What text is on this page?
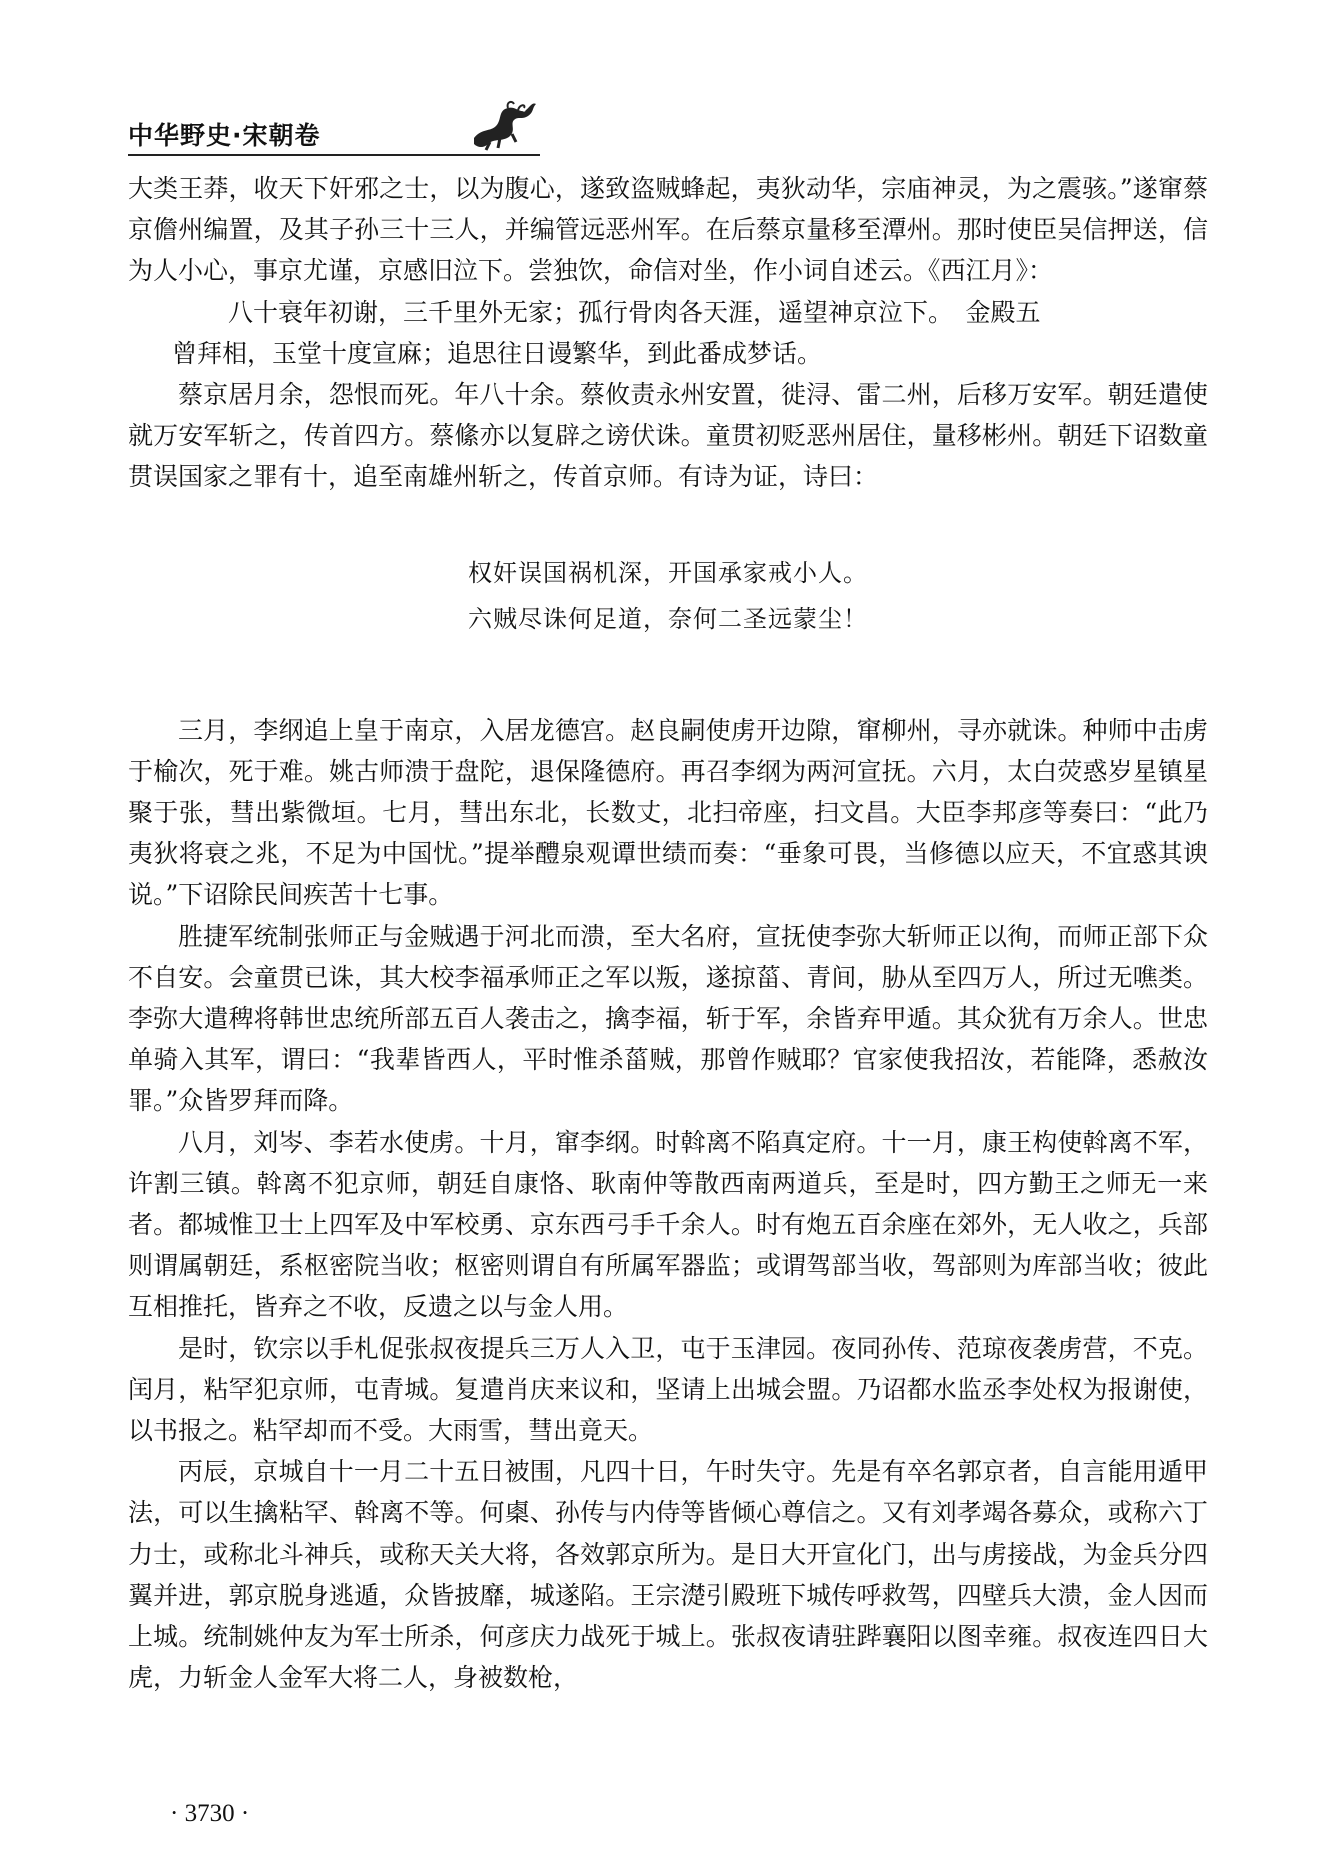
中华野史·宋朝卷

大类王莽，收天下奸邪之士，以为腹心，遂致盗贼蜂起，夷狄动华，宗庙神灵，为之震骇。”遂窜蔡京儋州编置，及其子孙三十三人，并编管远恶州军。在后蔡京量移至潭州。那时使臣吴信押送，信为人小心，事京尤谨，京感旧泣下。尝独饮，命信对坐，作小词自述云。《西江月》：

八十衰年初谢，三千里外无家；孤行骨肉各天涯，遥望神京泣下。　金殿五
曾拜相，玉堂十度宣麻；追思往日谩繁华，到此番成梦话。

蔡京居月余，怨恨而死。年八十余。蔡攸责永州安置，徙浔、雷二州，后移万安军。朝廷遣使就万安军斩之，传首四方。蔡絛亦以复辟之谤伏诛。童贯初贬恶州居住，量移彬州。朝廷下诏数童贯误国家之罪有十，追至南雄州斩之，传首京师。有诗为证，诗曰：

权奸误国祸机深，开国承家戒小人。
六贼尽诛何足道，奈何二圣远蒙尘！

三月，李纲追上皇于南京，入居龙德宫。赵良嗣使虏开边隙，窜柳州，寻亦就诛。种师中击虏于榆次，死于难。姚古师溃于盘陀，退保隆德府。再召李纲为两河宣抚。六月，太白荧惑岁星镇星聚于张，彗出紫微垣。七月，彗出东北，长数丈，北扫帝座，扫文昌。大臣李邦彦等奏曰：“此乃夷狄将衰之兆，不足为中国忧。”提举醴泉观谭世绩而奏：“垂象可畏，当修德以应天，不宜惑其谀说。”下诏除民间疾苦十七事。

胜捷军统制张师正与金贼遇于河北而溃，至大名府，宣抚使李弥大斩师正以徇，而师正部下众不自安。会童贯已诛，其大校李福承师正之军以叛，遂掠菑、青间，胁从至四万人，所过无噍类。李弥大遣稗将韩世忠统所部五百人袭击之，擒李福，斩于军，余皆弃甲遁。其众犹有万余人。世忠单骑入其军，谓曰：“我辈皆西人，平时惟杀菑贼，那曾作贼耶？官家使我招汝，若能降，悉赦汝罪。”众皆罗拜而降。

八月，刘岑、李若水使虏。十月，窜李纲。时斡离不陷真定府。十一月，康王构使斡离不军，许割三镇。斡离不犯京师，朝廷自康恪、耿南仲等散西南两道兵，至是时，四方勤王之师无一来者。都城惟卫士上四军及中军校勇、京东西弓手千余人。时有炮五百余座在郊外，无人收之，兵部则谓属朝廷，系枢密院当收；枢密则谓自有所属军器监；或谓驾部当收，驾部则为库部当收；彼此互相推托，皆弃之不收，反遗之以与金人用。

是时，钦宗以手札促张叔夜提兵三万人入卫，屯于玉津园。夜同孙传、范琼夜袭虏营，不克。闰月，粘罕犯京师，屯青城。复遣肖庆来议和，坚请上出城会盟。乃诏都水监丞李处权为报谢使，以书报之。粘罕却而不受。大雨雪，彗出竟天。

丙辰，京城自十一月二十五日被围，凡四十日，午时失守。先是有卒名郭京者，自言能用遁甲法，可以生擒粘罕、斡离不等。何㮚、孙传与内侍等皆倾心尊信之。又有刘孝竭各募众，或称六丁力士，或称北斗神兵，或称天关大将，各效郭京所为。是日大开宣化门，出与虏接战，为金兵分四翼并进，郭京脱身逃遁，众皆披靡，城遂陷。王宗濋引殿班下城传呼救驾，四壁兵大溃，金人因而上城。统制姚仲友为军士所杀，何彦庆力战死于城上。张叔夜请驻跸襄阳以图幸雍。叔夜连四日大虎，力斩金人金军大将二人，身被数枪，

· 3730 ·
